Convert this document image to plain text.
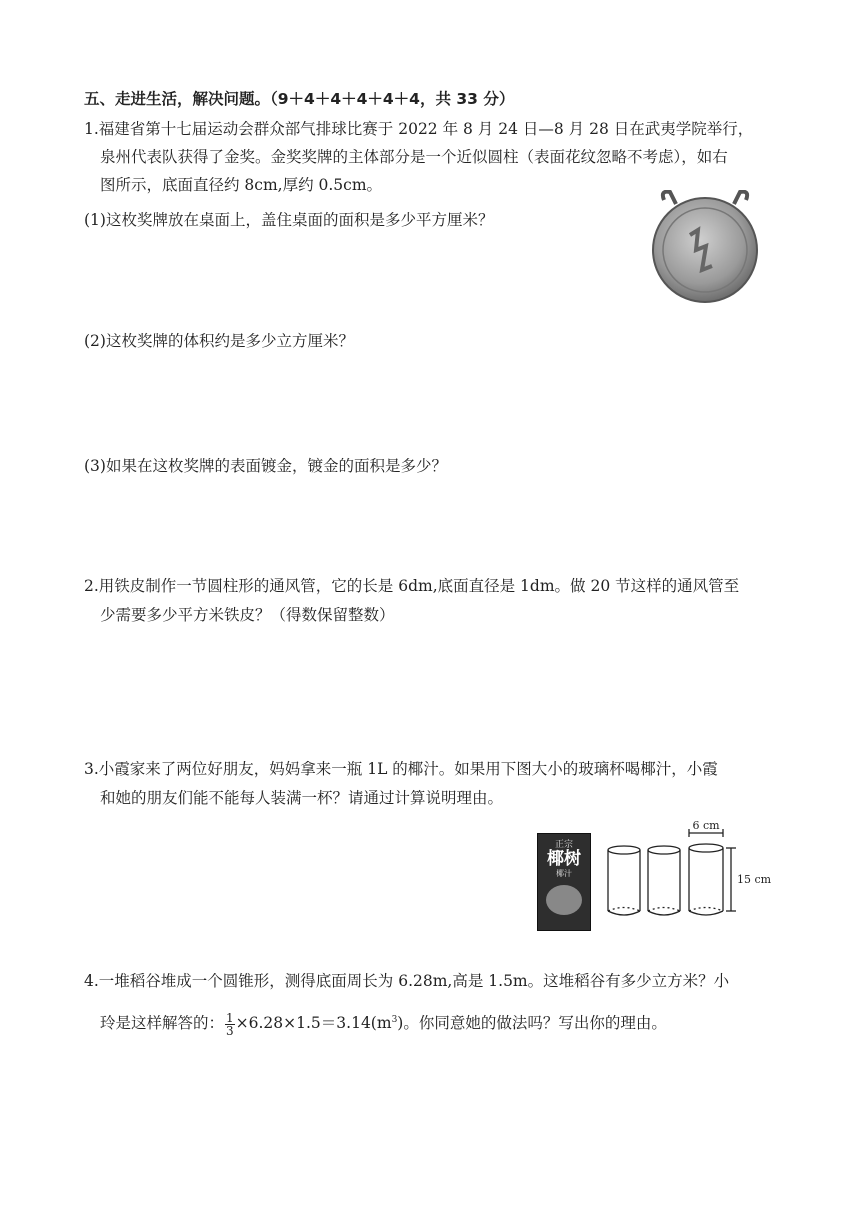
五、走进生活，解决问题。（9＋4＋4＋4＋4＋4，共 33 分）
1.福建省第十七届运动会群众部气排球比赛于 2022 年 8 月 24 日—8 月 28 日在武夷学院举行，
泉州代表队获得了金奖。金奖奖牌的主体部分是一个近似圆柱（表面花纹忽略不考虑），如右
图所示，底面直径约 8cm,厚约 0.5cm。
(1)这枚奖牌放在桌面上，盖住桌面的面积是多少平方厘米？
(2)这枚奖牌的体积约是多少立方厘米？
(3)如果在这枚奖牌的表面镀金，镀金的面积是多少？
2.用铁皮制作一节圆柱形的通风管，它的长是 6dm,底面直径是 1dm。做 20 节这样的通风管至
少需要多少平方米铁皮？（得数保留整数）
3.小霞家来了两位好朋友，妈妈拿来一瓶 1L 的椰汁。如果用下图大小的玻璃杯喝椰汁，小霞
和她的朋友们能不能每人装满一杯？请通过计算说明理由。
正宗
椰树
椰汁
6 cm
15 cm
4.一堆稻谷堆成一个圆锥形，测得底面周长为 6.28m,高是 1.5m。这堆稻谷有多少立方米？小
玲是这样解答的： $\frac{1}{3} \times 6.28\times 1.5=3.14(m^3)$。你同意她的做法吗？写出你的理由。
